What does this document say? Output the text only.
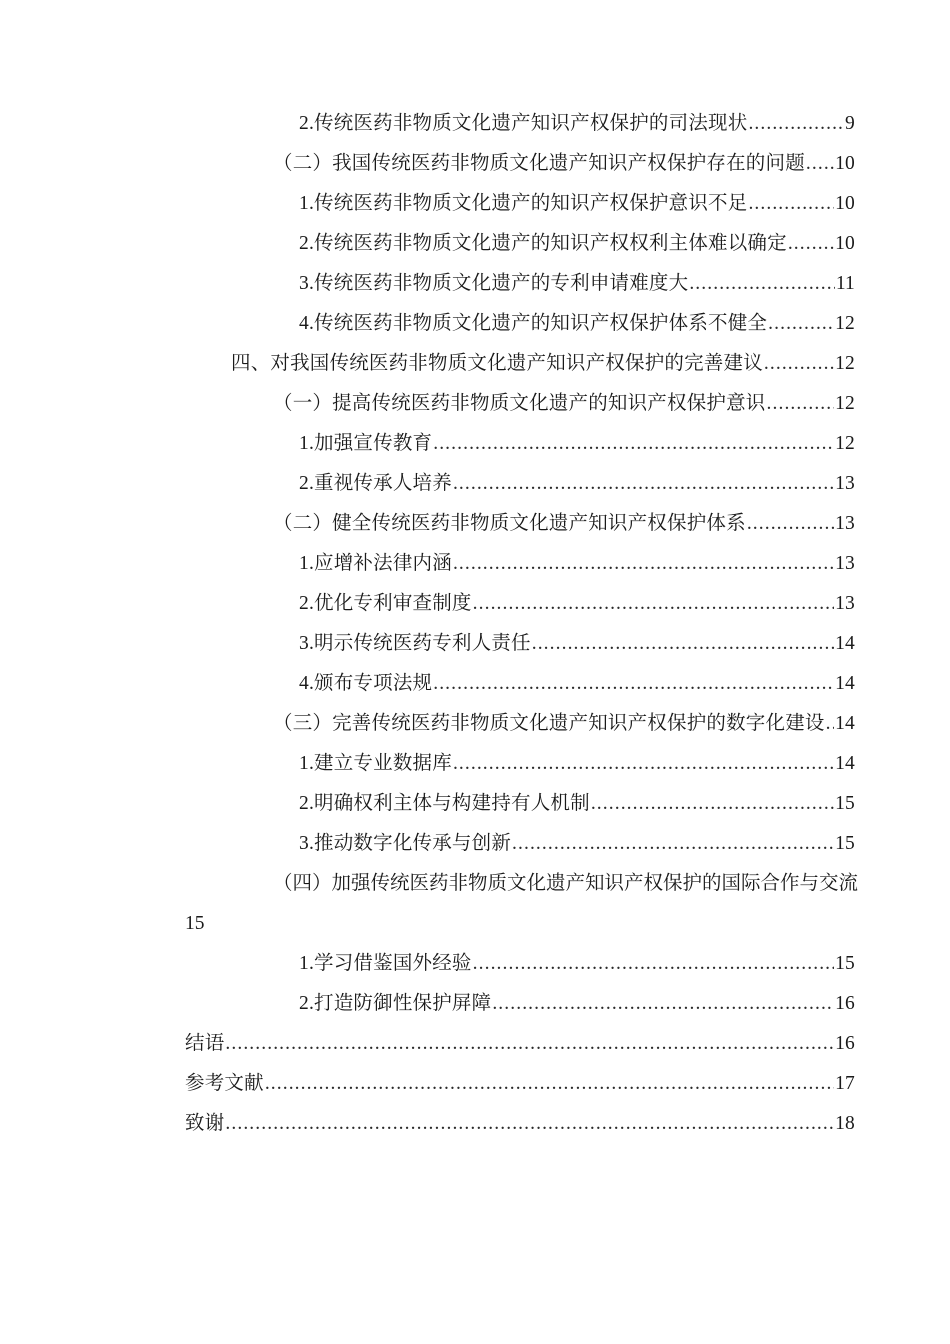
2.传统医药非物质文化遗产知识产权保护的司法现状 .....	9
（二）我国传统医药非物质文化遗产知识产权保护存在的问题 ..... 10
1.传统医药非物质文化遗产的知识产权保护意识不足 .....	10
2.传统医药非物质文化遗产的知识产权权利主体难以确定 ..... 10
3.传统医药非物质文化遗产的专利申请难度大 .....	11
4.传统医药非物质文化遗产的知识产权保护体系不健全 .....	12
四、对我国传统医药非物质文化遗产知识产权保护的完善建议 .....	12
（一）提高传统医药非物质文化遗产的知识产权保护意识 .....	12
1.加强宣传教育 .....	12
2.重视传承人培养 .....	13
（二）健全传统医药非物质文化遗产知识产权保护体系 .....	13
1.应增补法律内涵 .....	13
2.优化专利审查制度 .....	13
3.明示传统医药专利人责任 .....	14
4.颁布专项法规 .....	14
（三）完善传统医药非物质文化遗产知识产权保护的数字化建设 ..... 14
1.建立专业数据库 .....	14
2.明确权利主体与构建持有人机制 .....	15
3.推动数字化传承与创新 .....	15
（四）加强传统医药非物质文化遗产知识产权保护的国际合作与交流
15
1.学习借鉴国外经验 .....	15
2.打造防御性保护屏障 .....	16
结语 .....	16
参考文献 .....	17
致谢 .....	18
